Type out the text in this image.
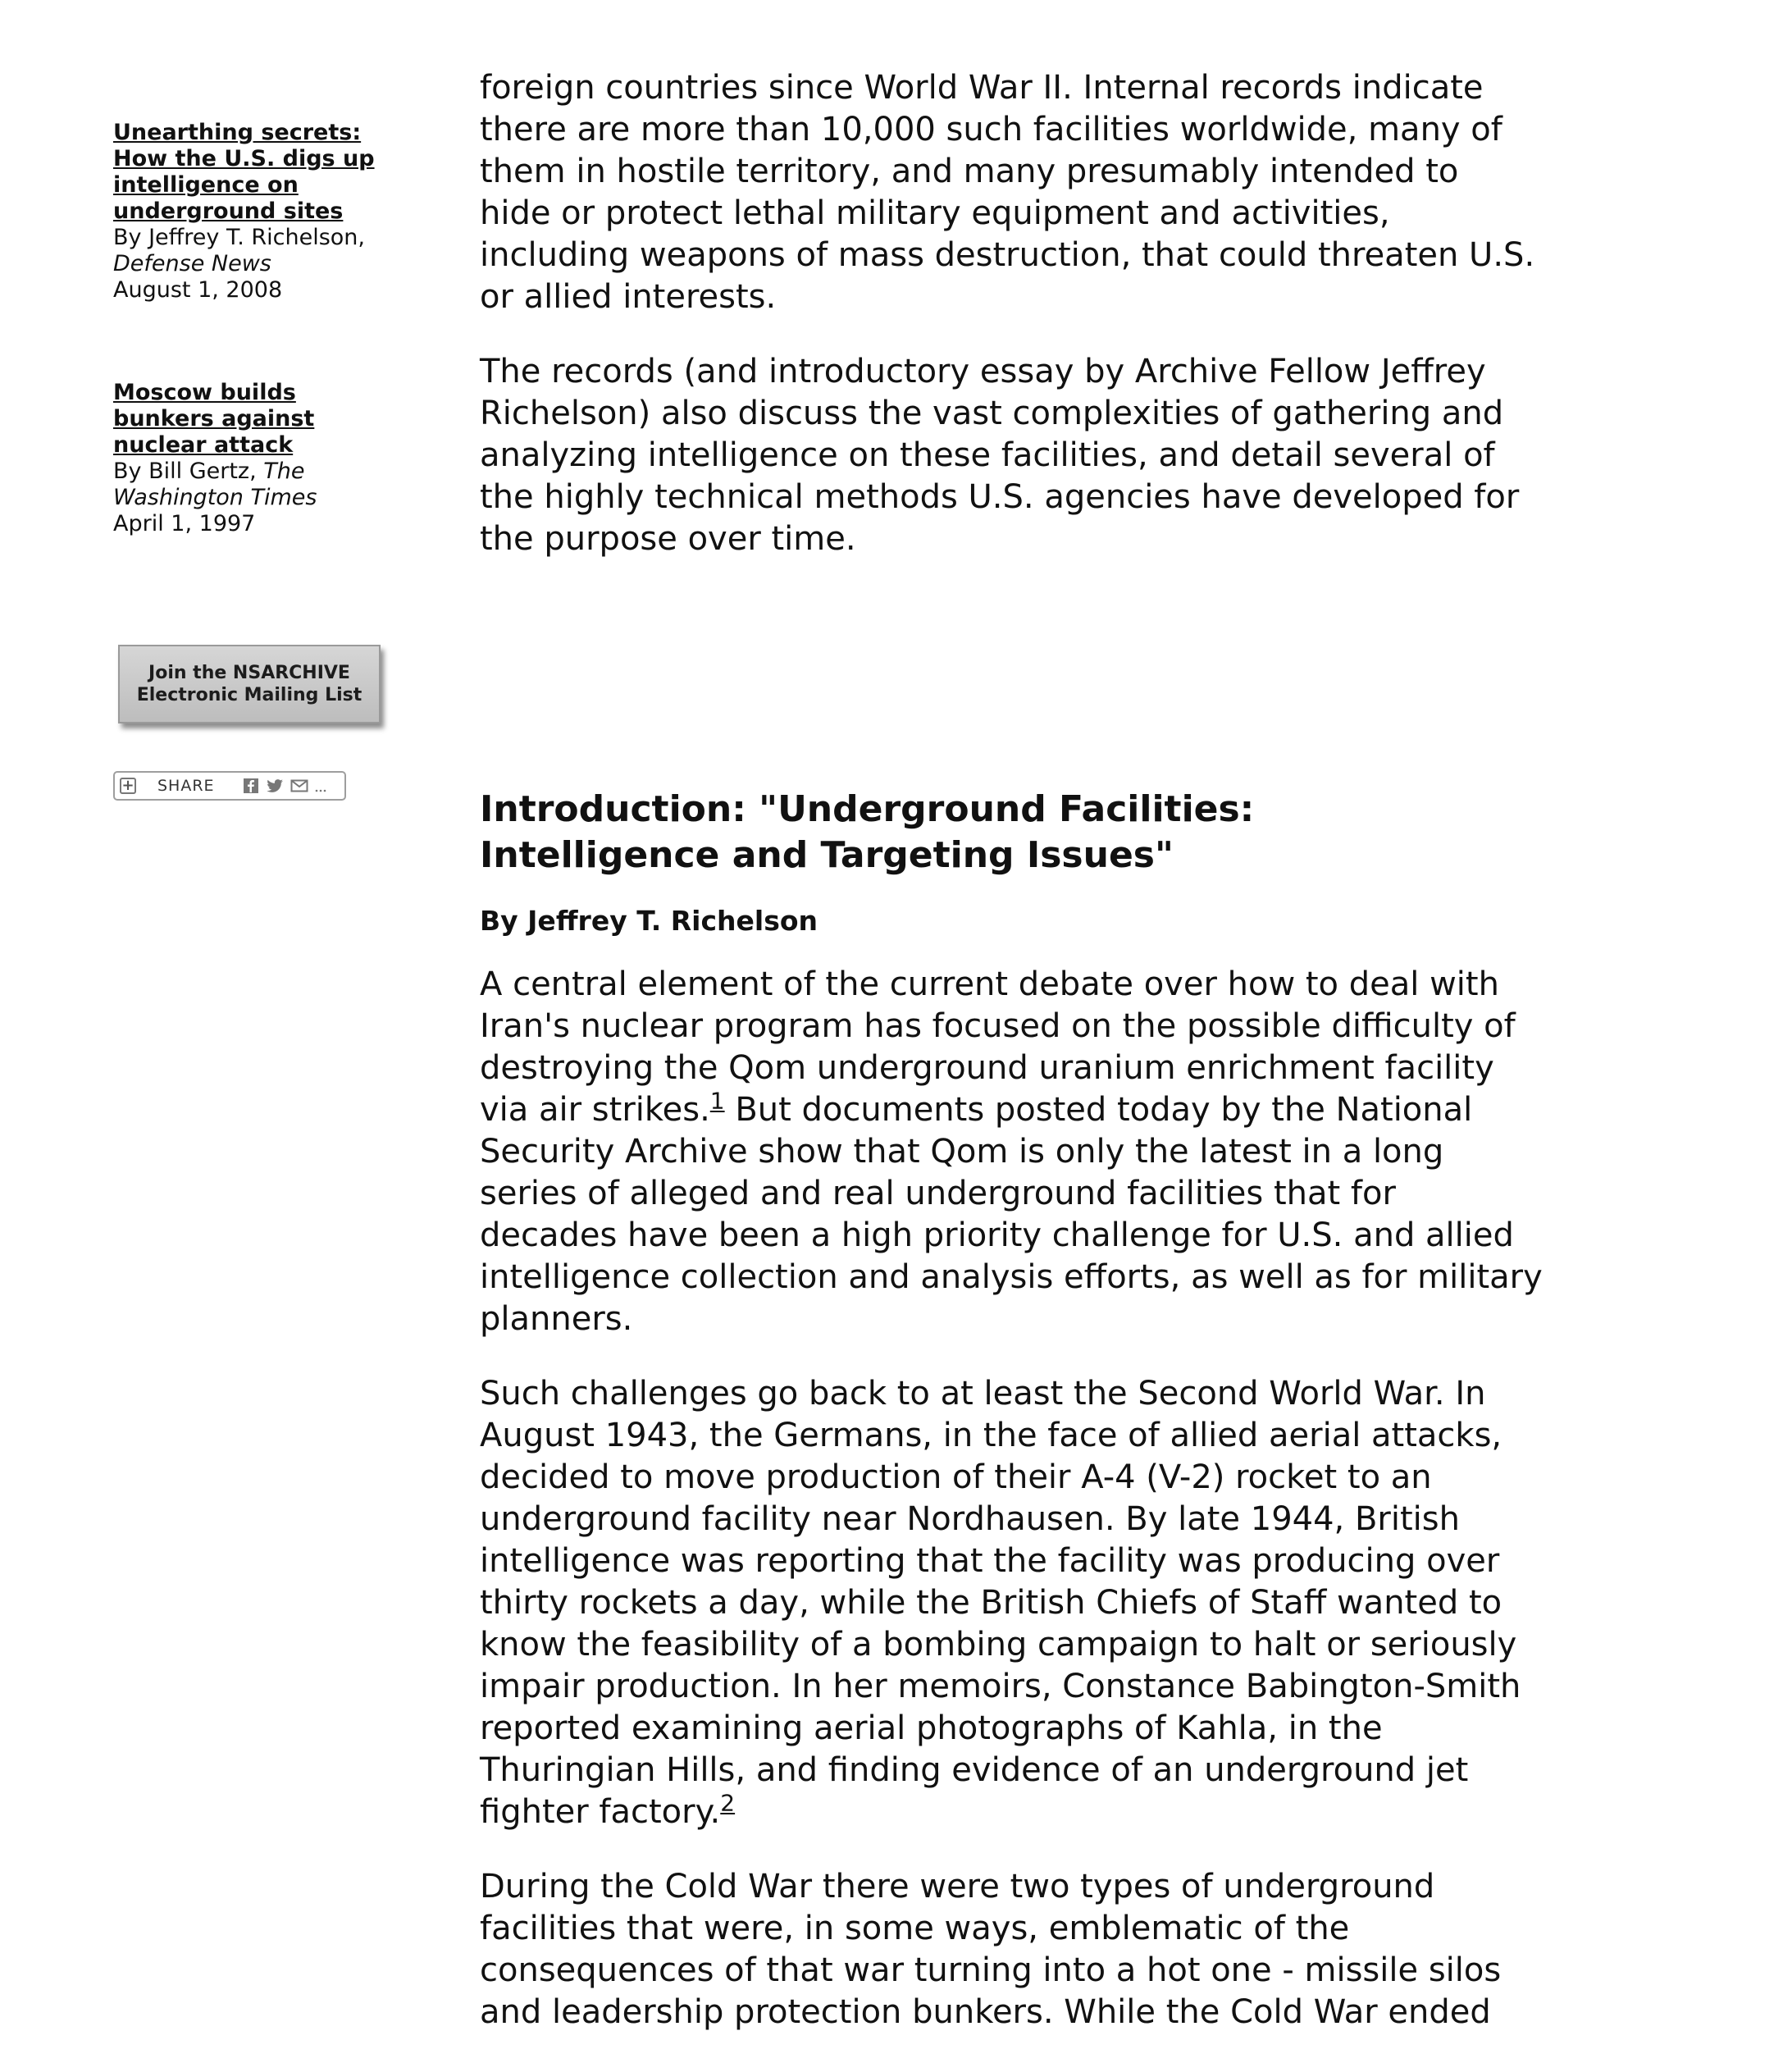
Unearthing secrets:
How the U.S. digs up
intelligence on
underground sites
By Jeffrey T. Richelson,
Defense News
August 1, 2008
Moscow builds
bunkers against
nuclear attack
By Bill Gertz, The
Washington Times
April 1, 1997
Join the NSARCHIVE
Electronic Mailing List
+ SHARE

foreign countries since World War II. Internal records indicate
there are more than 10,000 such facilities worldwide, many of
them in hostile territory, and many presumably intended to
hide or protect lethal military equipment and activities,
including weapons of mass destruction, that could threaten U.S.
or allied interests.

The records (and introductory essay by Archive Fellow Jeffrey
Richelson) also discuss the vast complexities of gathering and
analyzing intelligence on these facilities, and detail several of
the highly technical methods U.S. agencies have developed for
the purpose over time.

Introduction: "Underground Facilities: Intelligence and Targeting Issues"
By Jeffrey T. Richelson

A central element of the current debate over how to deal with
Iran's nuclear program has focused on the possible difficulty of
destroying the Qom underground uranium enrichment facility
via air strikes.$^1$ But documents posted today by the National
Security Archive show that Qom is only the latest in a long
series of alleged and real underground facilities that for
decades have been a high priority challenge for U.S. and allied
intelligence collection and analysis efforts, as well as for military
planners.

Such challenges go back to at least the Second World War. In
August 1943, the Germans, in the face of allied aerial attacks,
decided to move production of their A-4 (V-2) rocket to an
underground facility near Nordhausen. By late 1944, British
intelligence was reporting that the facility was producing over
thirty rockets a day, while the British Chiefs of Staff wanted to
know the feasibility of a bombing campaign to halt or seriously
impair production. In her memoirs, Constance Babington-Smith
reported examining aerial photographs of Kahla, in the
Thuringian Hills, and finding evidence of an underground jet
fighter factory.$^2$

During the Cold War there were two types of underground
facilities that were, in some ways, emblematic of the
consequences of that war turning into a hot one - missile silos
and leadership protection bunkers. While the Cold War ended
